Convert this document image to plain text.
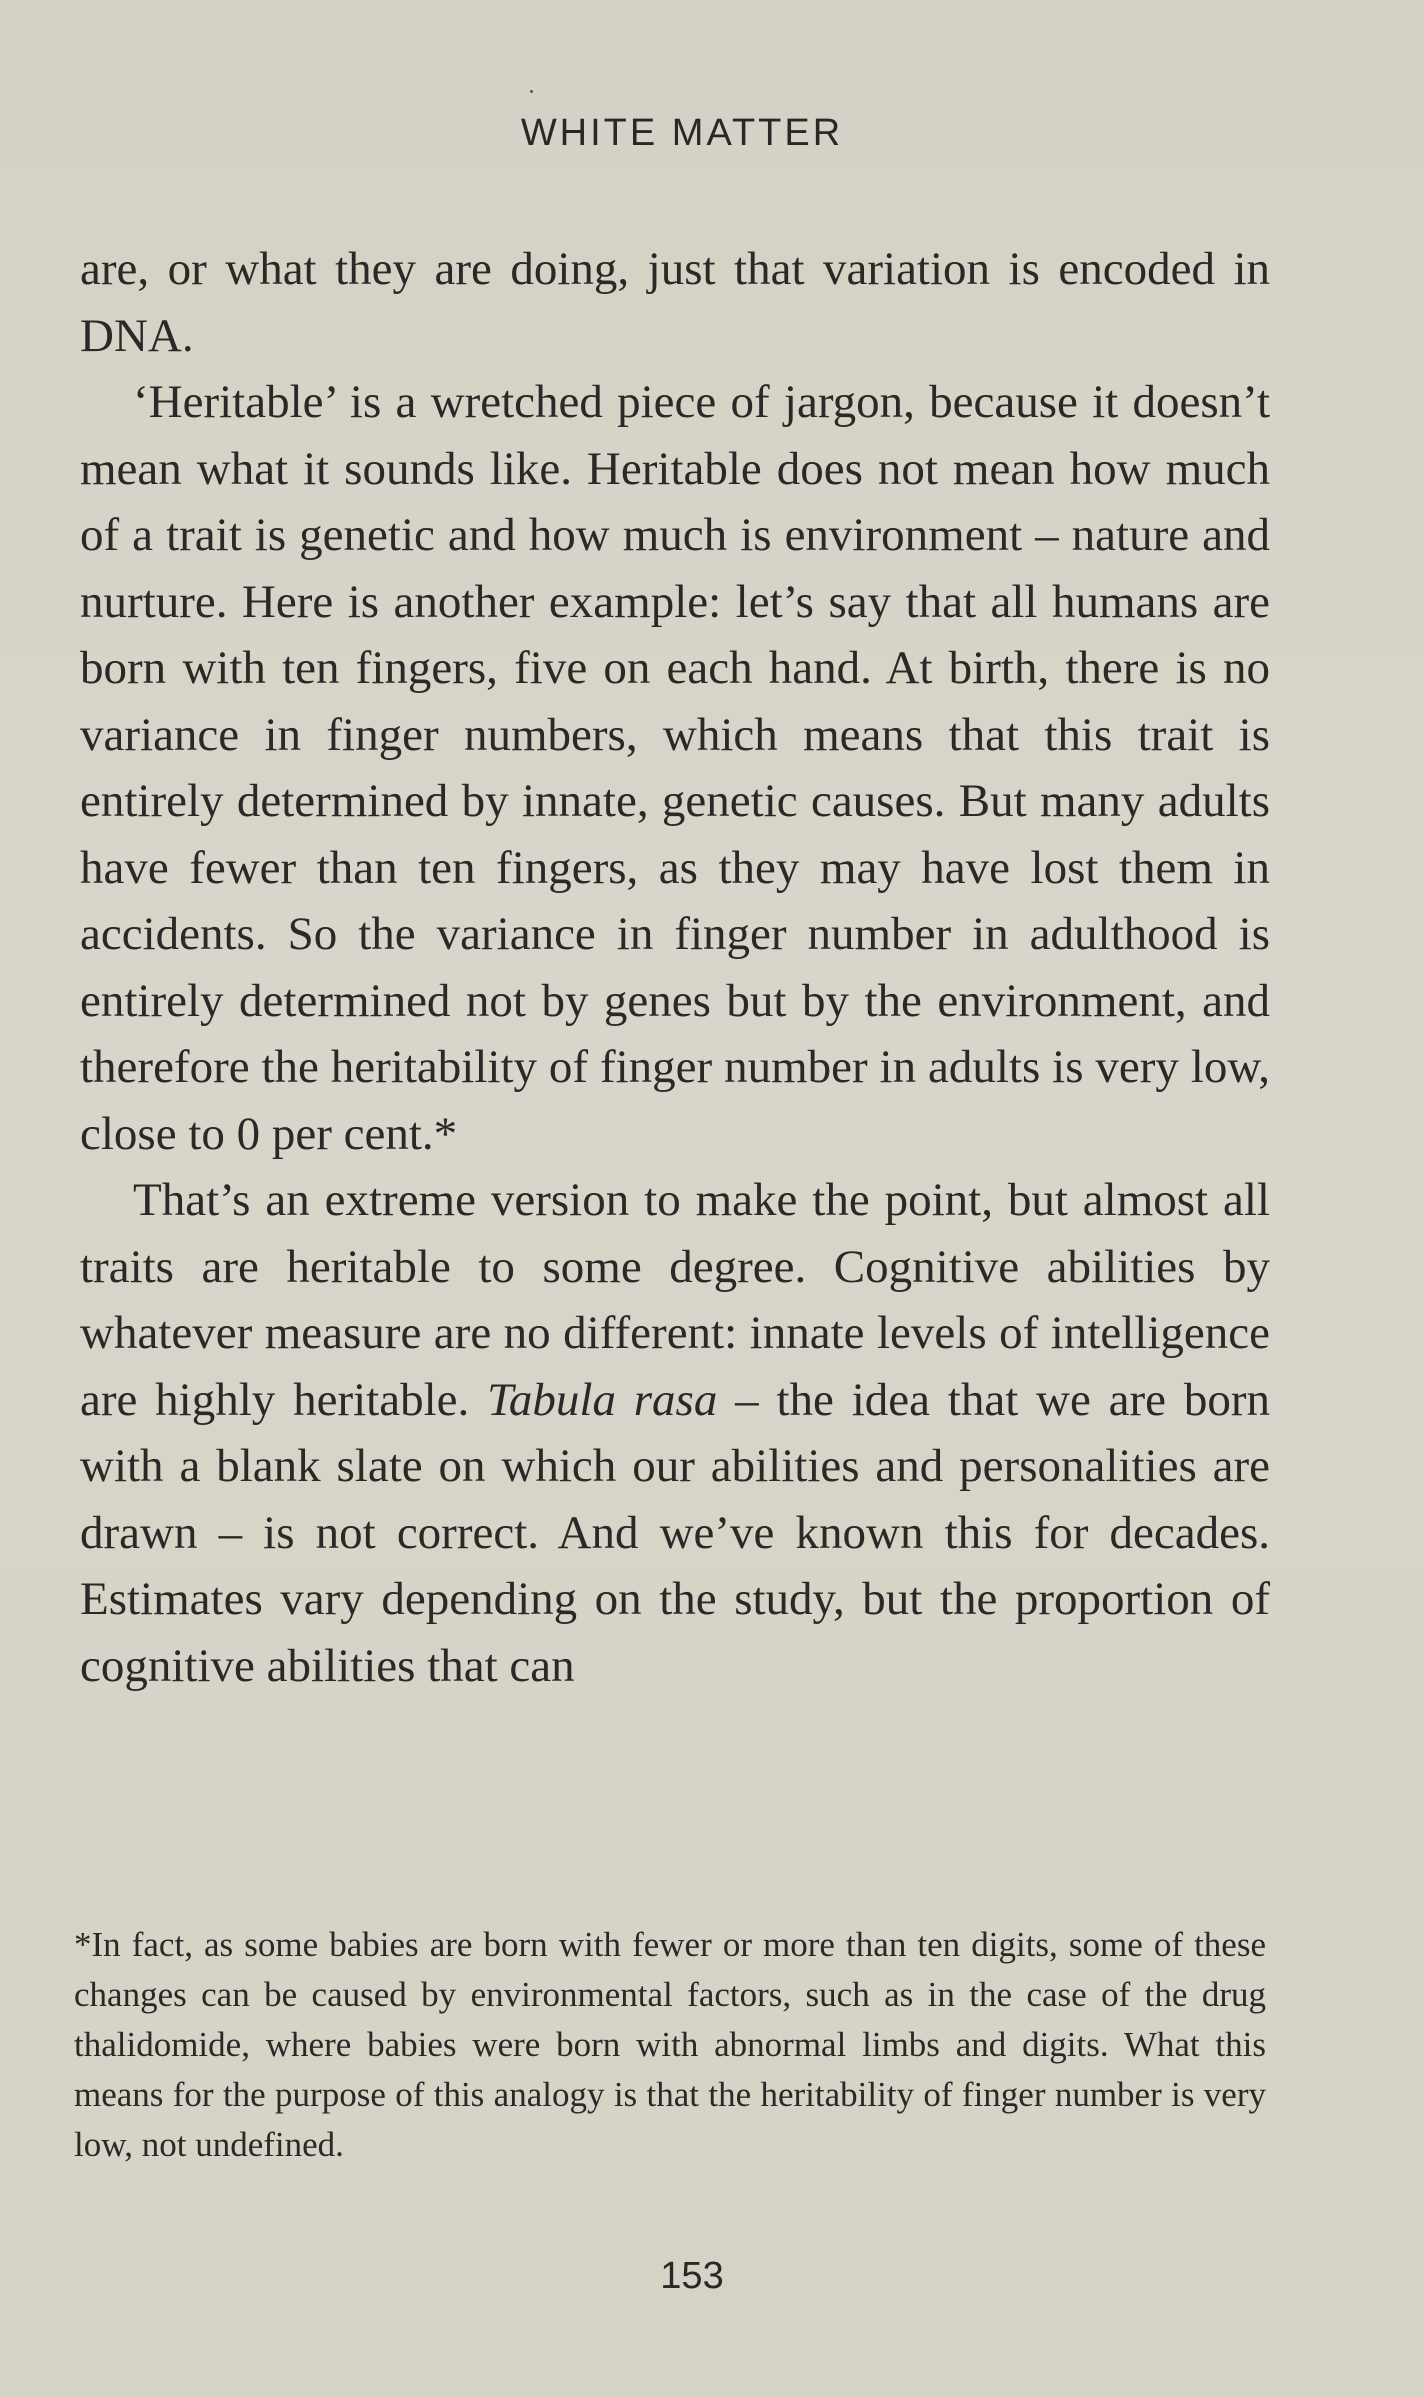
WHITE MATTER

are, or what they are doing, just that variation is encoded in DNA.

‘Heritable’ is a wretched piece of jargon, because it doesn’t mean what it sounds like. Heritable does not mean how much of a trait is genetic and how much is environment – nature and nurture. Here is another example: let’s say that all humans are born with ten fingers, five on each hand. At birth, there is no variance in finger numbers, which means that this trait is entirely determined by innate, genetic causes. But many adults have fewer than ten fingers, as they may have lost them in accidents. So the variance in finger number in adulthood is entirely determined not by genes but by the environment, and therefore the heritability of finger number in adults is very low, close to 0 per cent.*

That’s an extreme version to make the point, but almost all traits are heritable to some degree. Cognitive abilities by whatever measure are no different: innate levels of intelligence are highly heritable. Tabula rasa – the idea that we are born with a blank slate on which our abilities and personalities are drawn – is not correct. And we’ve known this for decades. Estimates vary depending on the study, but the proportion of cognitive abilities that can

*In fact, as some babies are born with fewer or more than ten digits, some of these changes can be caused by environmental factors, such as in the case of the drug thalidomide, where babies were born with abnormal limbs and digits. What this means for the purpose of this analogy is that the heritability of finger number is very low, not undefined.

153
